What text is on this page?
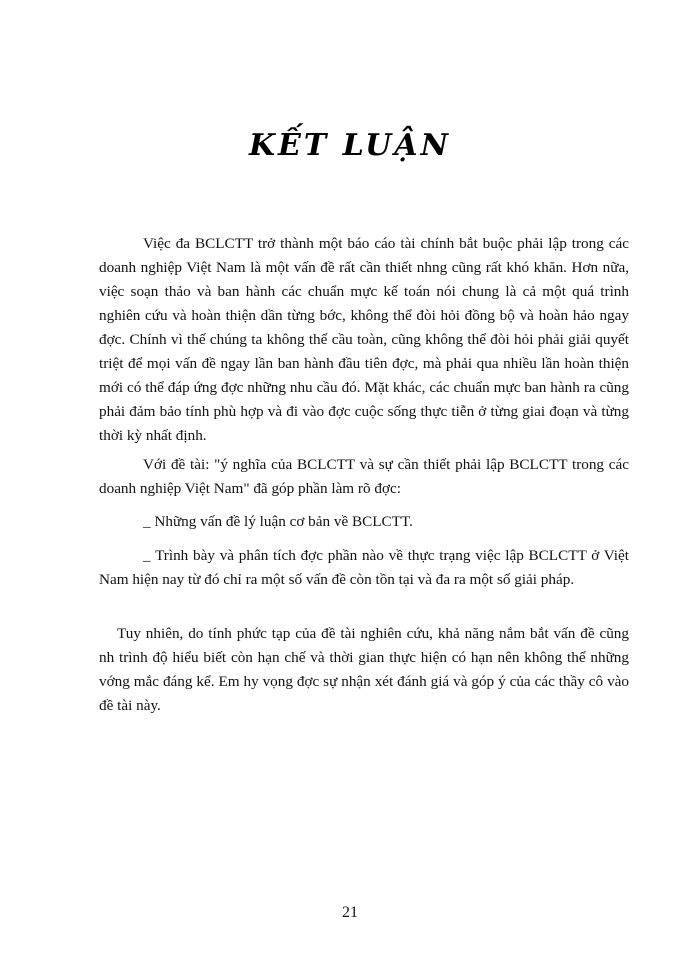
KẾT LUẬN

Việc đa BCLCTT trở thành một báo cáo tài chính bắt buộc phải lập trong các doanh nghiệp Việt Nam là một vấn đề rất cần thiết nhng cũng rất khó khăn. Hơn nữa, việc soạn thảo và ban hành các chuẩn mực kế toán nói chung là cả một quá trình nghiên cứu và hoàn thiện dần từng bớc, không thể đòi hỏi đồng bộ và hoàn hảo ngay đợc. Chính vì thế chúng ta không thể cầu toàn, cũng không thể đòi hỏi phải giải quyết triệt để mọi vấn đề ngay lần ban hành đầu tiên đợc, mà phải qua nhiều lần hoàn thiện mới có thể đáp ứng đợc những nhu cầu đó. Mặt khác, các chuẩn mực ban hành ra cũng phải đảm bảo tính phù hợp và đi vào đợc cuộc sống thực tiễn ở từng giai đoạn và từng thời kỳ nhất định.

Với đề tài: "ý nghĩa của BCLCTT và sự cần thiết phải lập BCLCTT trong các doanh nghiệp Việt Nam" đã góp phần làm rõ đợc:

_ Những vấn đề lý luận cơ bản về BCLCTT.

_ Trình bày và phân tích đợc phần nào về thực trạng việc lập BCLCTT ở Việt Nam hiện nay từ đó chỉ ra một số vấn đề còn tồn tại và đa ra một số giải pháp.

Tuy nhiên, do tính phức tạp của đề tài nghiên cứu, khả năng nắm bắt vấn đề cũng nh trình độ hiểu biết còn hạn chế và thời gian thực hiện có hạn nên không thể những vớng mắc đáng kể. Em hy vọng đợc sự nhận xét đánh giá và góp ý của các thầy cô vào đề tài này.

21
